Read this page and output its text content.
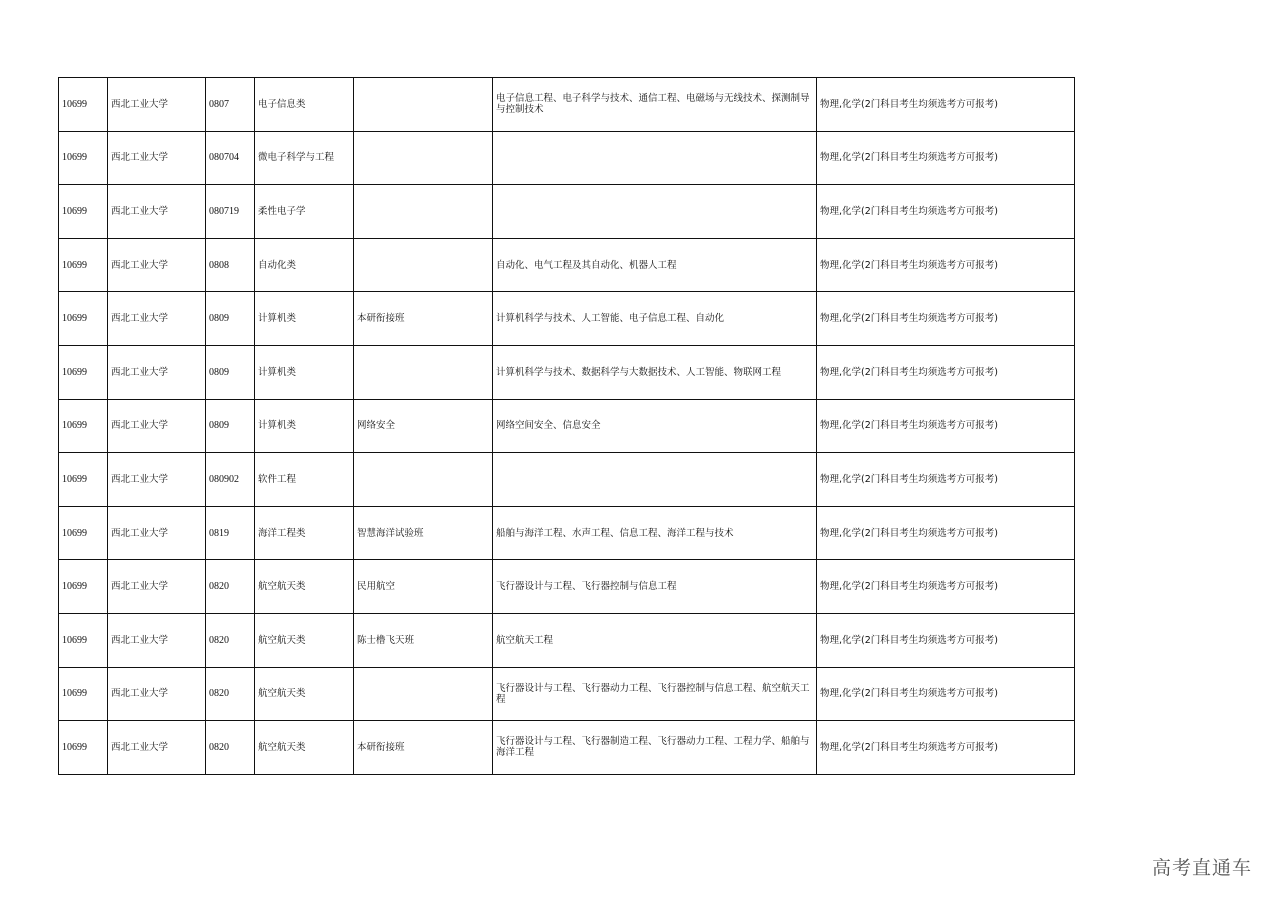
10699	西北工业大学	0807	电子信息类		电子信息工程、电子科学与技术、通信工程、电磁场与无线技术、探测制导与控制技术	物理,化学(2门科目考生均须选考方可报考)
10699	西北工业大学	080704	微电子科学与工程			物理,化学(2门科目考生均须选考方可报考)
10699	西北工业大学	080719	柔性电子学			物理,化学(2门科目考生均须选考方可报考)
10699	西北工业大学	0808	自动化类		自动化、电气工程及其自动化、机器人工程	物理,化学(2门科目考生均须选考方可报考)
10699	西北工业大学	0809	计算机类	本研衔接班	计算机科学与技术、人工智能、电子信息工程、自动化	物理,化学(2门科目考生均须选考方可报考)
10699	西北工业大学	0809	计算机类		计算机科学与技术、数据科学与大数据技术、人工智能、物联网工程	物理,化学(2门科目考生均须选考方可报考)
10699	西北工业大学	0809	计算机类	网络安全	网络空间安全、信息安全	物理,化学(2门科目考生均须选考方可报考)
10699	西北工业大学	080902	软件工程			物理,化学(2门科目考生均须选考方可报考)
10699	西北工业大学	0819	海洋工程类	智慧海洋试验班	船舶与海洋工程、水声工程、信息工程、海洋工程与技术	物理,化学(2门科目考生均须选考方可报考)
10699	西北工业大学	0820	航空航天类	民用航空	飞行器设计与工程、飞行器控制与信息工程	物理,化学(2门科目考生均须选考方可报考)
10699	西北工业大学	0820	航空航天类	陈士橹飞天班	航空航天工程	物理,化学(2门科目考生均须选考方可报考)
10699	西北工业大学	0820	航空航天类		飞行器设计与工程、飞行器动力工程、飞行器控制与信息工程、航空航天工程	物理,化学(2门科目考生均须选考方可报考)
10699	西北工业大学	0820	航空航天类	本研衔接班	飞行器设计与工程、飞行器制造工程、飞行器动力工程、工程力学、船舶与海洋工程	物理,化学(2门科目考生均须选考方可报考)
高考直通车
